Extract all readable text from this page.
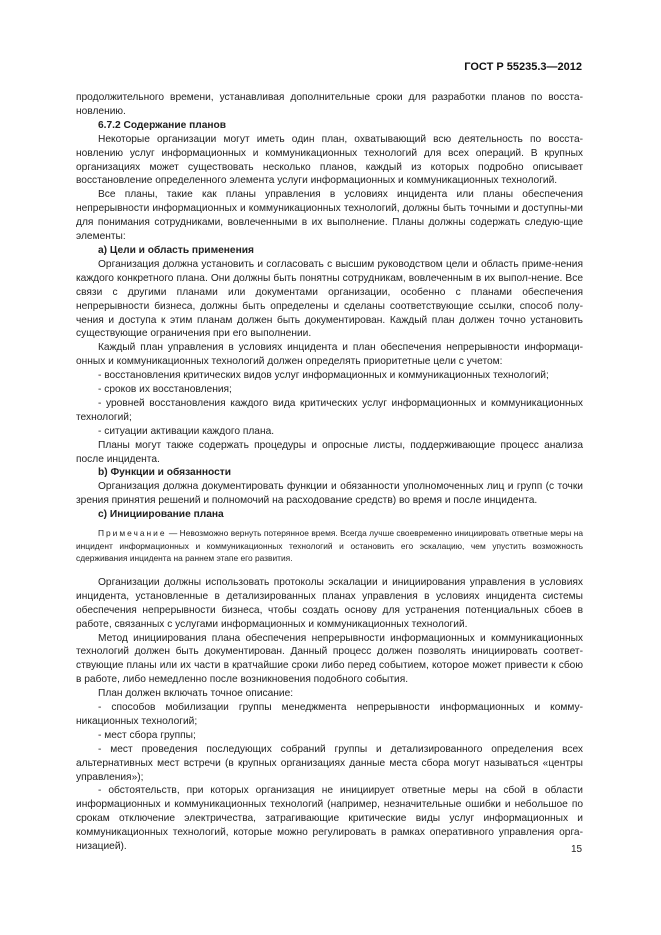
ГОСТ Р 55235.3—2012

продолжительного времени, устанавливая дополнительные сроки для разработки планов по восста-новлению.

6.7.2 Содержание планов

Некоторые организации могут иметь один план, охватывающий всю деятельность по восста-новлению услуг информационных и коммуникационных технологий для всех операций. В крупных организациях может существовать несколько планов, каждый из которых подробно описывает восстановление определенного элемента услуги информационных и коммуникационных технологий.

Все планы, такие как планы управления в условиях инцидента или планы обеспечения непрерывности информационных и коммуникационных технологий, должны быть точными и доступны-ми для понимания сотрудниками, вовлеченными в их выполнение. Планы должны содержать следую-щие элементы:

а) Цели и область применения

Организация должна установить и согласовать с высшим руководством цели и область приме-нения каждого конкретного плана. Они должны быть понятны сотрудникам, вовлеченным в их выпол-нение. Все связи с другими планами или документами организации, особенно с планами обеспечения непрерывности бизнеса, должны быть определены и сделаны соответствующие ссылки, способ полу-чения и доступа к этим планам должен быть документирован. Каждый план должен точно установить существующие ограничения при его выполнении.

Каждый план управления в условиях инцидента и план обеспечения непрерывности информаци-онных и коммуникационных технологий должен определять приоритетные цели с учетом:

- восстановления критических видов услуг информационных и коммуникационных технологий;

- сроков их восстановления;

- уровней восстановления каждого вида критических услуг информационных и коммуникационных технологий;

- ситуации активации каждого плана.

Планы могут также содержать процедуры и опросные листы, поддерживающие процесс анализа после инцидента.

b) Функции и обязанности

Организация должна документировать функции и обязанности уполномоченных лиц и групп (с точки зрения принятия решений и полномочий на расходование средств) во время и после инцидента.

с) Инициирование плана

Примечание — Невозможно вернуть потерянное время. Всегда лучше своевременно инициировать ответные меры на инцидент информационных и коммуникационных технологий и остановить его эскалацию, чем упустить возможность сдерживания инцидента на раннем этапе его развития.

Организации должны использовать протоколы эскалации и инициирования управления в условиях инцидента, установленные в детализированных планах управления в условиях инцидента системы обеспечения непрерывности бизнеса, чтобы создать основу для устранения потенциальных сбоев в работе, связанных с услугами информационных и коммуникационных технологий.

Метод инициирования плана обеспечения непрерывности информационных и коммуникационных технологий должен быть документирован. Данный процесс должен позволять инициировать соответ-ствующие планы или их части в кратчайшие сроки либо перед событием, которое может привести к сбою в работе, либо немедленно после возникновения подобного события.

План должен включать точное описание:

- способов мобилизации группы менеджмента непрерывности информационных и комму-никационных технологий;

- мест сбора группы;

- мест проведения последующих собраний группы и детализированного определения всех альтернативных мест встречи (в крупных организациях данные места сбора могут называться «центры управления»);

- обстоятельств, при которых организация не инициирует ответные меры на сбой в области информационных и коммуникационных технологий (например, незначительные ошибки и небольшое по срокам отключение электричества, затрагивающие критические виды услуг информационных и коммуникационных технологий, которые можно регулировать в рамках оперативного управления орга-низацией).	15
